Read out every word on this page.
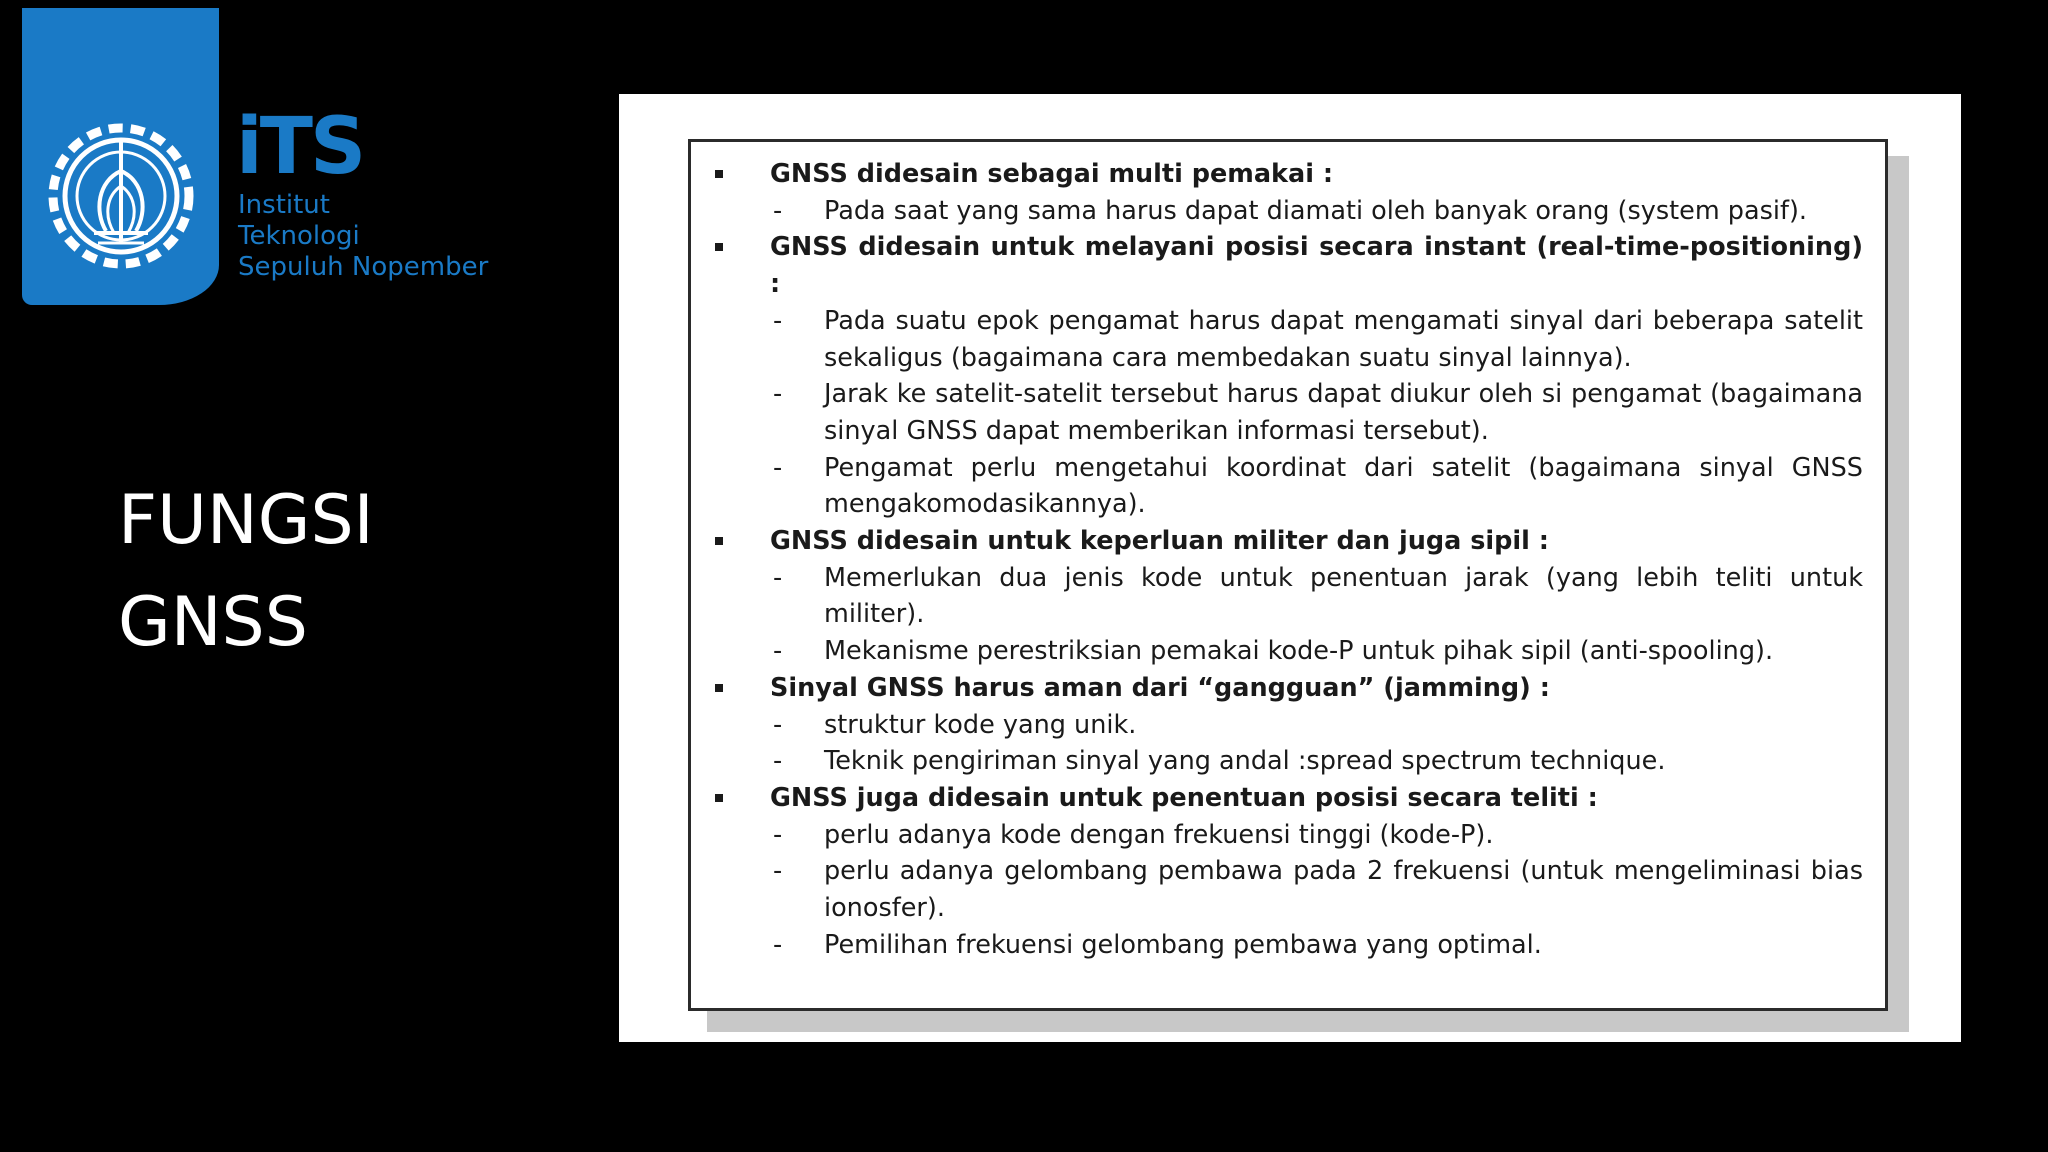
iTS
Institut
Teknologi
Sepuluh Nopember
FUNGSI
GNSS
GNSS didesain sebagai multi pemakai :
-	Pada saat yang sama harus dapat diamati oleh banyak orang (system pasif).
GNSS didesain untuk melayani posisi secara instant (real-time-positioning) :
-	Pada suatu epok pengamat harus dapat mengamati sinyal dari beberapa satelit sekaligus (bagaimana cara membedakan suatu sinyal lainnya).
-	Jarak ke satelit-satelit tersebut harus dapat diukur oleh si pengamat (bagaimana sinyal GNSS dapat memberikan informasi tersebut).
-	Pengamat perlu mengetahui koordinat dari satelit (bagaimana sinyal GNSS mengakomodasikannya).
GNSS didesain untuk keperluan militer dan juga sipil :
-	Memerlukan dua jenis kode untuk penentuan jarak (yang lebih teliti untuk militer).
-	Mekanisme perestriksian pemakai kode-P untuk pihak sipil (anti-spooling).
Sinyal GNSS harus aman dari “gangguan” (jamming) :
-	struktur kode yang unik.
-	Teknik pengiriman sinyal yang andal :spread spectrum technique.
GNSS juga didesain untuk penentuan posisi secara teliti :
-	perlu adanya kode dengan frekuensi tinggi (kode-P).
-	perlu adanya gelombang pembawa pada 2 frekuensi (untuk mengeliminasi bias ionosfer).
-	Pemilihan frekuensi gelombang pembawa yang optimal.
